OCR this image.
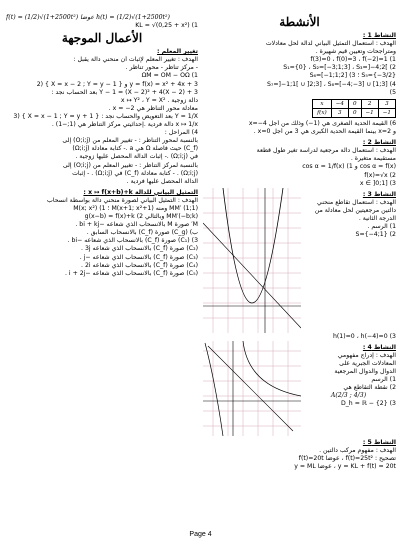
الأنشطة
النشاط 1 :
الهدف : استعمال التمثيل البياني لدالة لحل معادلات
ومتراجحات وتعيين قيم شهيرة .
f(3)=0 ، f(0)=3 ، f(−2)=1 (1
S₁={0} ، S₂=[−3;1;3] ، S₃=]−4;2[ (2
S₅={−3/2} ؛ S₆=[−1;1;2] (3
S₇=]−1;1[ ∪ ]2;3] ، S₈=[−4;−3] ∪ [1;3] (4
5)
x	−4	0	2	3
f(x)	3	0	−1	−1
6) القيمة الحدية الصغرى هي (1−) وذلك من أجل x=−4
و x=2 بينما القيمة الحدية الكبرى هي 3 من أجل x=0 .
النشاط 2 :
الهدف : استعمال دالة مرجعية لدراسة تغير طول قطعة
مستقيمة متغيرة .
cos α = f(x) و cos α = 1/f(x) (1
f(x)=√x (2
x ∈ ]0;1] (3
النشاط 3 :
الهدف : استعمال تقاطع منحني
دالتين مرجعيتين لحل معادلة من
الدرجة الثانية .
1) الرسم .
S={−4;1} (2
h(1)=0 ، h(−4)=0 (3
النشاط 4 :
الهدف : إدراج مفهومي
المعادلات الجبرية على
الدوال والدوال المرجعية
1) الرسم
2) نقطة التقاطع هي
A(2/3 ; 4/3)
D_h = ℝ − {2} (3
النشاط 5 :
الهدف : مفهوم مركب دالتين .
تصحيح : f(t)=25t² ، عوضا f(t)=20t
y = KL + f(t) = 20t ، عوضا y = ML
f(t) = (1/2)√(1+2500t²) عوضا h(t) = (1/2)√(1+2500t²)
KL = √(0,25 + x²) (1
الأعمال الموجهة
تغيير المعلم :
الهدف : تغيير المعلم لإثبات أن منحني دالة يقبل :
- مركز تناظر - محور تناظر .
ΩM = OM − OΩ (1
y = f(x) = x² + 4x + 3 و { X = x − 2 ; Y = y − 1 } (2
Y − 1 = (X − 2)² + 4(X − 2) + 3 بعد الحساب نجد :
دالة زوجية . x ↦ Y² ، Y = X²
معادلة محور التناظر هي x = −2 .
Y = 1/X بعد التعويض والحساب نجد : { X = x − 1 ; Y = y + 1 } (3
x ↦ 1/x دالة فردية .إحداثيتي مركز التناظر هي (1;−1) .
4) المراحل :
بالنسبة لمحور التناظر : - تغيير المعلم من (O;i;j) إلى
(C_f) حيث فاصلة Ω هي a .- كتابة معادلة (Ω;i;j)
في (Ω;i;j) .- إثبات الدالة المحصل عليها زوجية .
بالنسبة لمركز التناظر : - تغيير المعلم من (O;i;j) إلى
(Ω;i;j) . - كتابة معادلة (C_f) في (Ω;i;j) . - إثبات
الدالة المحصل عليها فردية .
التمثيل البياني للدالة x ↦ f(x+b)+k :
الهدف : التمثيل البياني لصورة منحني دالة بواسطة انسحاب
MM′ (1;1) ومنه M(x+1; x²+1) ؛ M(x; x²) (1
MM′(−b;k) وبالتالي g(x−b) = f(x)+k (2
M′ صورة M بالانسحاب الذي شعاعه −bi + kj .
ب) (C_g) صورة (C_f) بالانسحاب السابق .
3) (C₁) صورة (C_f) بالانسحاب الذي شعاعه −bi .
(C₂) صورة (C_f) بالانسحاب الذي شعاعه 3j .
(C₃) صورة (C_f) بالانسحاب الذي شعاعه −j .
(C₄) صورة (C_f) بالانسحاب الذي شعاعه 2i .
(C₅) صورة (C_f) بالانسحاب الذي شعاعه −i + 2j .
Page 4
